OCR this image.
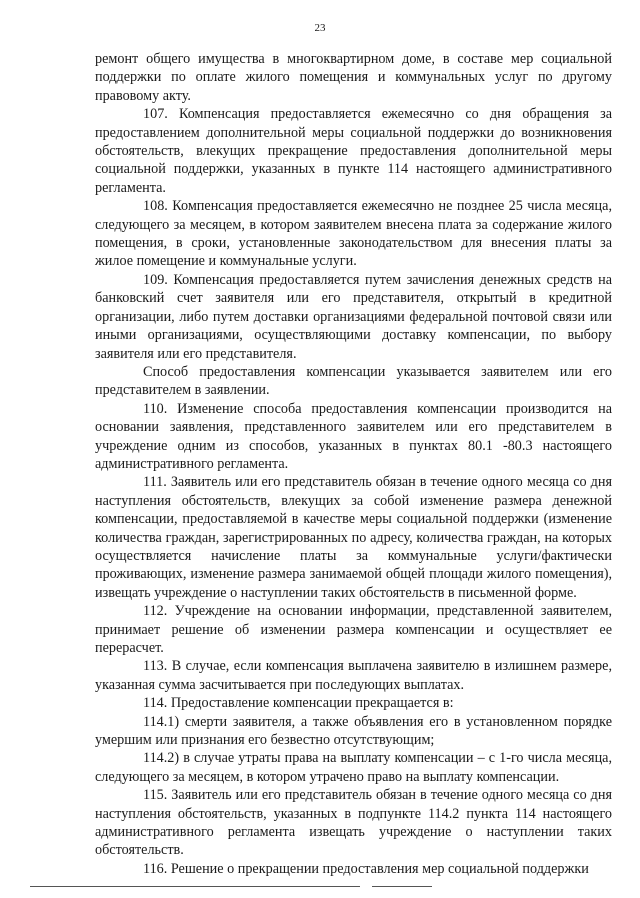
23

ремонт общего имущества в многоквартирном доме, в составе мер социальной поддержки по оплате жилого помещения и коммунальных услуг по другому правовому акту.

107. Компенсация предоставляется ежемесячно со дня обращения за предоставлением дополнительной меры социальной поддержки до возникновения обстоятельств, влекущих прекращение предоставления дополнительной меры социальной поддержки, указанных в пункте 114 настоящего административного регламента.

108. Компенсация предоставляется ежемесячно не позднее 25 числа месяца, следующего за месяцем, в котором заявителем внесена плата за содержание жилого помещения, в сроки, установленные законодательством для внесения платы за жилое помещение и коммунальные услуги.

109. Компенсация предоставляется путем зачисления денежных средств на банковский счет заявителя или его представителя, открытый в кредитной организации, либо путем доставки организациями федеральной почтовой связи или иными организациями, осуществляющими доставку компенсации, по выбору заявителя или его представителя.

Способ предоставления компенсации указывается заявителем или его представителем в заявлении.

110. Изменение способа предоставления компенсации производится на основании заявления, представленного заявителем или его представителем в учреждение одним из способов, указанных в пунктах 80.1 -80.3 настоящего административного регламента.

111. Заявитель или его представитель обязан в течение одного месяца со дня наступления обстоятельств, влекущих за собой изменение размера денежной компенсации, предоставляемой в качестве меры социальной поддержки (изменение количества граждан, зарегистрированных по адресу, количества граждан, на которых осуществляется начисление платы за коммунальные услуги/фактически проживающих, изменение размера занимаемой общей площади жилого помещения), извещать учреждение о наступлении таких обстоятельств в письменной форме.

112. Учреждение на основании информации, представленной заявителем, принимает решение об изменении размера компенсации и осуществляет ее перерасчет.

113. В случае, если компенсация выплачена заявителю в излишнем размере, указанная сумма засчитывается при последующих выплатах.

114. Предоставление компенсации прекращается в:

114.1) смерти заявителя, а также объявления его в установленном порядке умершим или признания его безвестно отсутствующим;

114.2) в случае утраты права на выплату компенсации – с 1-го числа месяца, следующего за месяцем, в котором утрачено право на выплату компенсации.

115. Заявитель или его представитель обязан в течение одного месяца со дня наступления обстоятельств, указанных в подпункте 114.2 пункта 114 настоящего административного регламента извещать учреждение о наступлении таких обстоятельств.

116. Решение о прекращении предоставления мер социальной поддержки
